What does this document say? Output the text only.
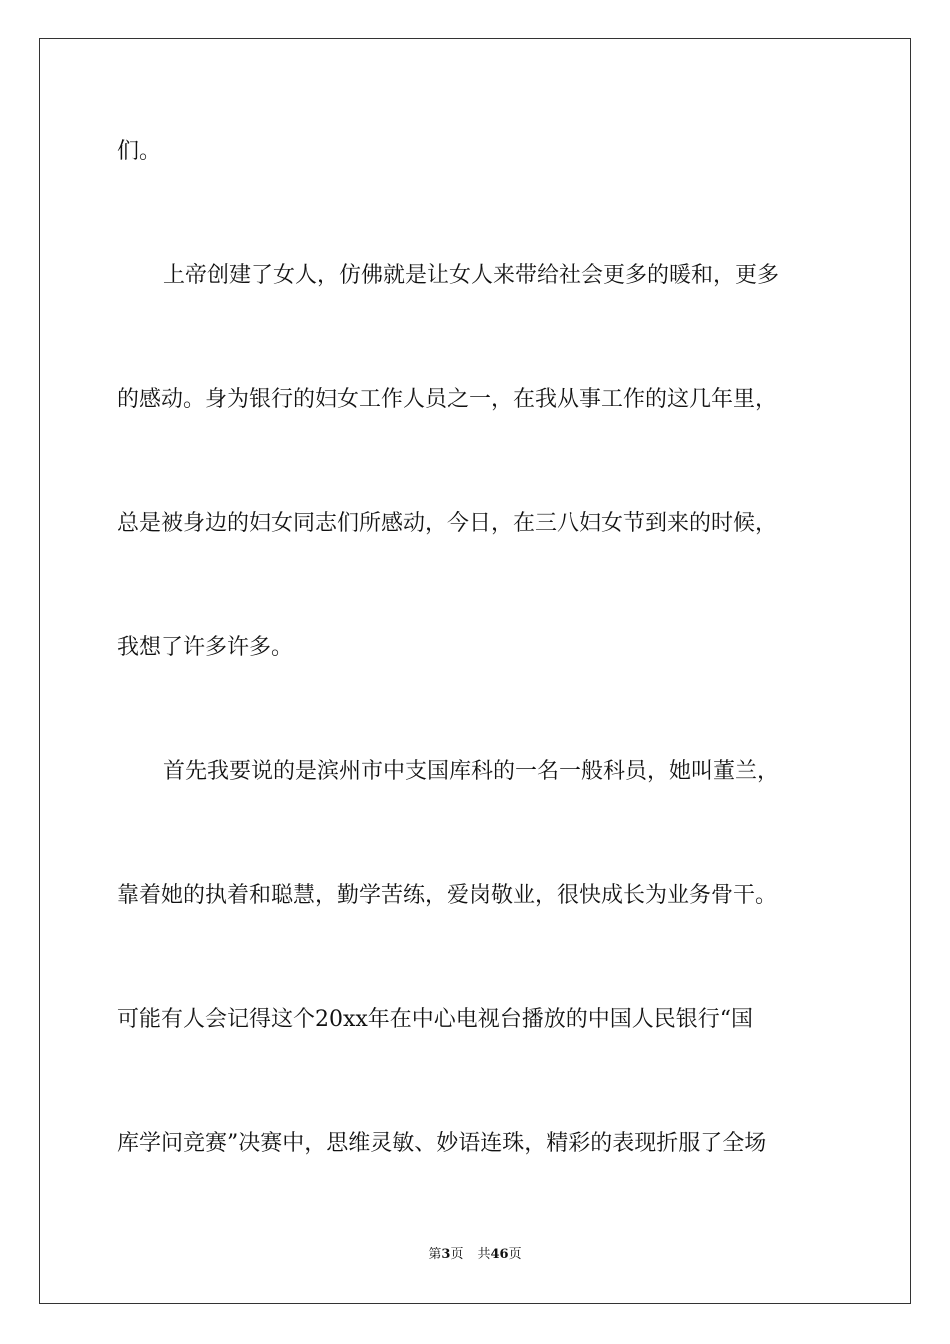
们。
上帝创建了女人，仿佛就是让女人来带给社会更多的暖和，更多
的感动。身为银行的妇女工作人员之一，在我从事工作的这几年里，
总是被身边的妇女同志们所感动，今日，在三八妇女节到来的时候，
我想了许多许多。
首先我要说的是滨州市中支国库科的一名一般科员，她叫董兰，
靠着她的执着和聪慧，勤学苦练，爱岗敬业，很快成长为业务骨干。
可能有人会记得这个20xx年在中心电视台播放的中国人民银行“国
库学问竞赛”决赛中，思维灵敏、妙语连珠，精彩的表现折服了全场
第3页 共46页
